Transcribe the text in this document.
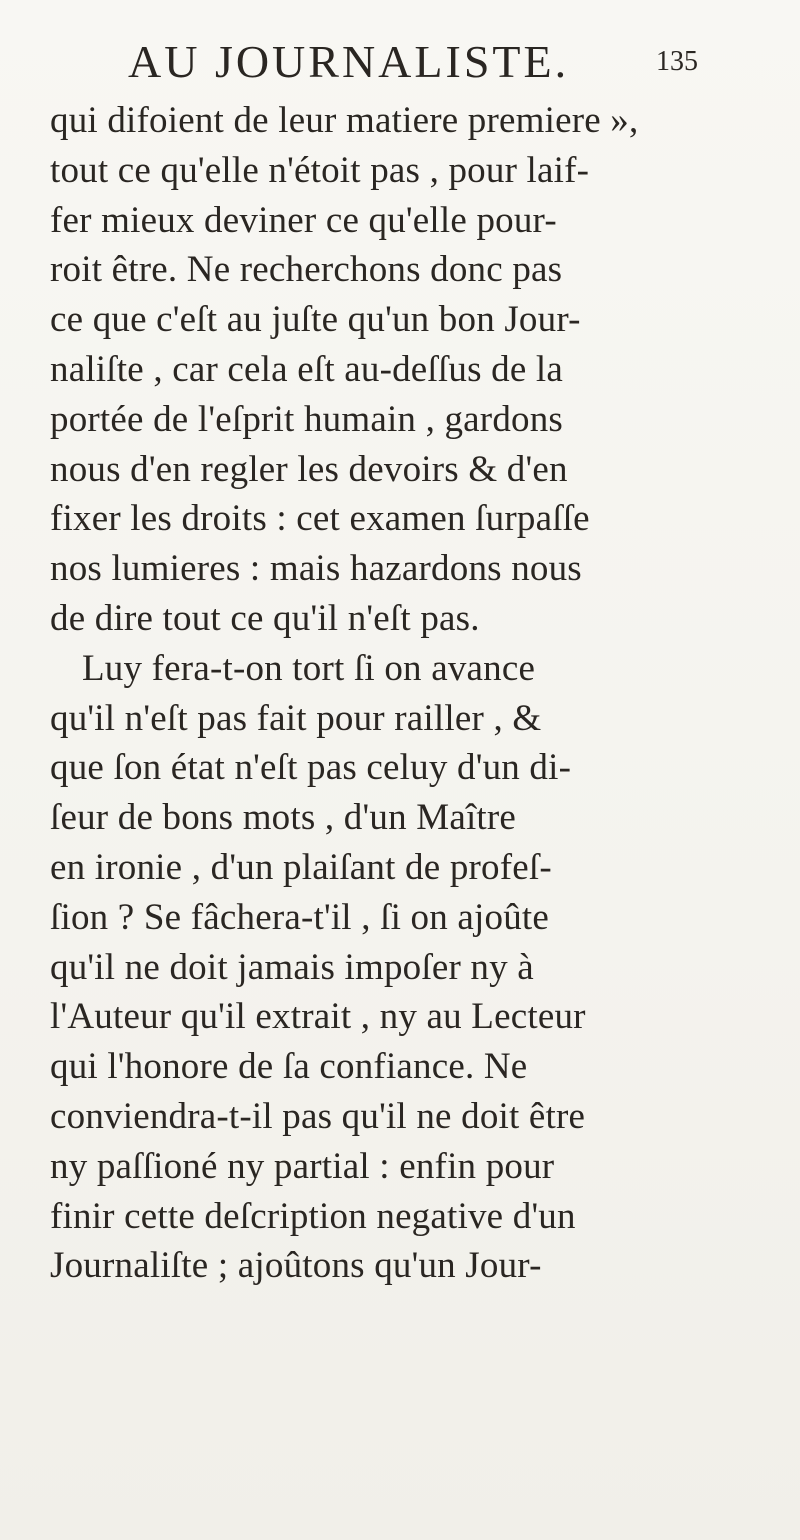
AU JOURNALISTE.	135
qui difoient de leur matiere premiere »,
tout ce qu'elle n'étoit pas , pour laif-
fer mieux deviner ce qu'elle pour-
roit être. Ne recherchons donc pas
ce que c'eſt au juſte qu'un bon Jour-
naliſte , car cela eſt au-deſſus de la
portée de l'eſprit humain , gardons
nous d'en regler les devoirs & d'en
fixer les droits : cet examen ſurpaſſe
nos lumieres : mais hazardons nous
de dire tout ce qu'il n'eſt pas.
Luy fera-t-on tort ſi on avance
qu'il n'eſt pas fait pour railler , &
que ſon état n'eſt pas celuy d'un di-
ſeur de bons mots , d'un Maître
en ironie , d'un plaiſant de profeſ-
ſion ? Se fâchera-t'il , ſi on ajoûte
qu'il ne doit jamais impoſer ny à
l'Auteur qu'il extrait , ny au Lecteur
qui l'honore de ſa confiance. Ne
conviendra-t-il pas qu'il ne doit être
ny paſſioné ny partial : enfin pour
finir cette deſcription negative d'un
Journaliſte ; ajoûtons qu'un Jour-
